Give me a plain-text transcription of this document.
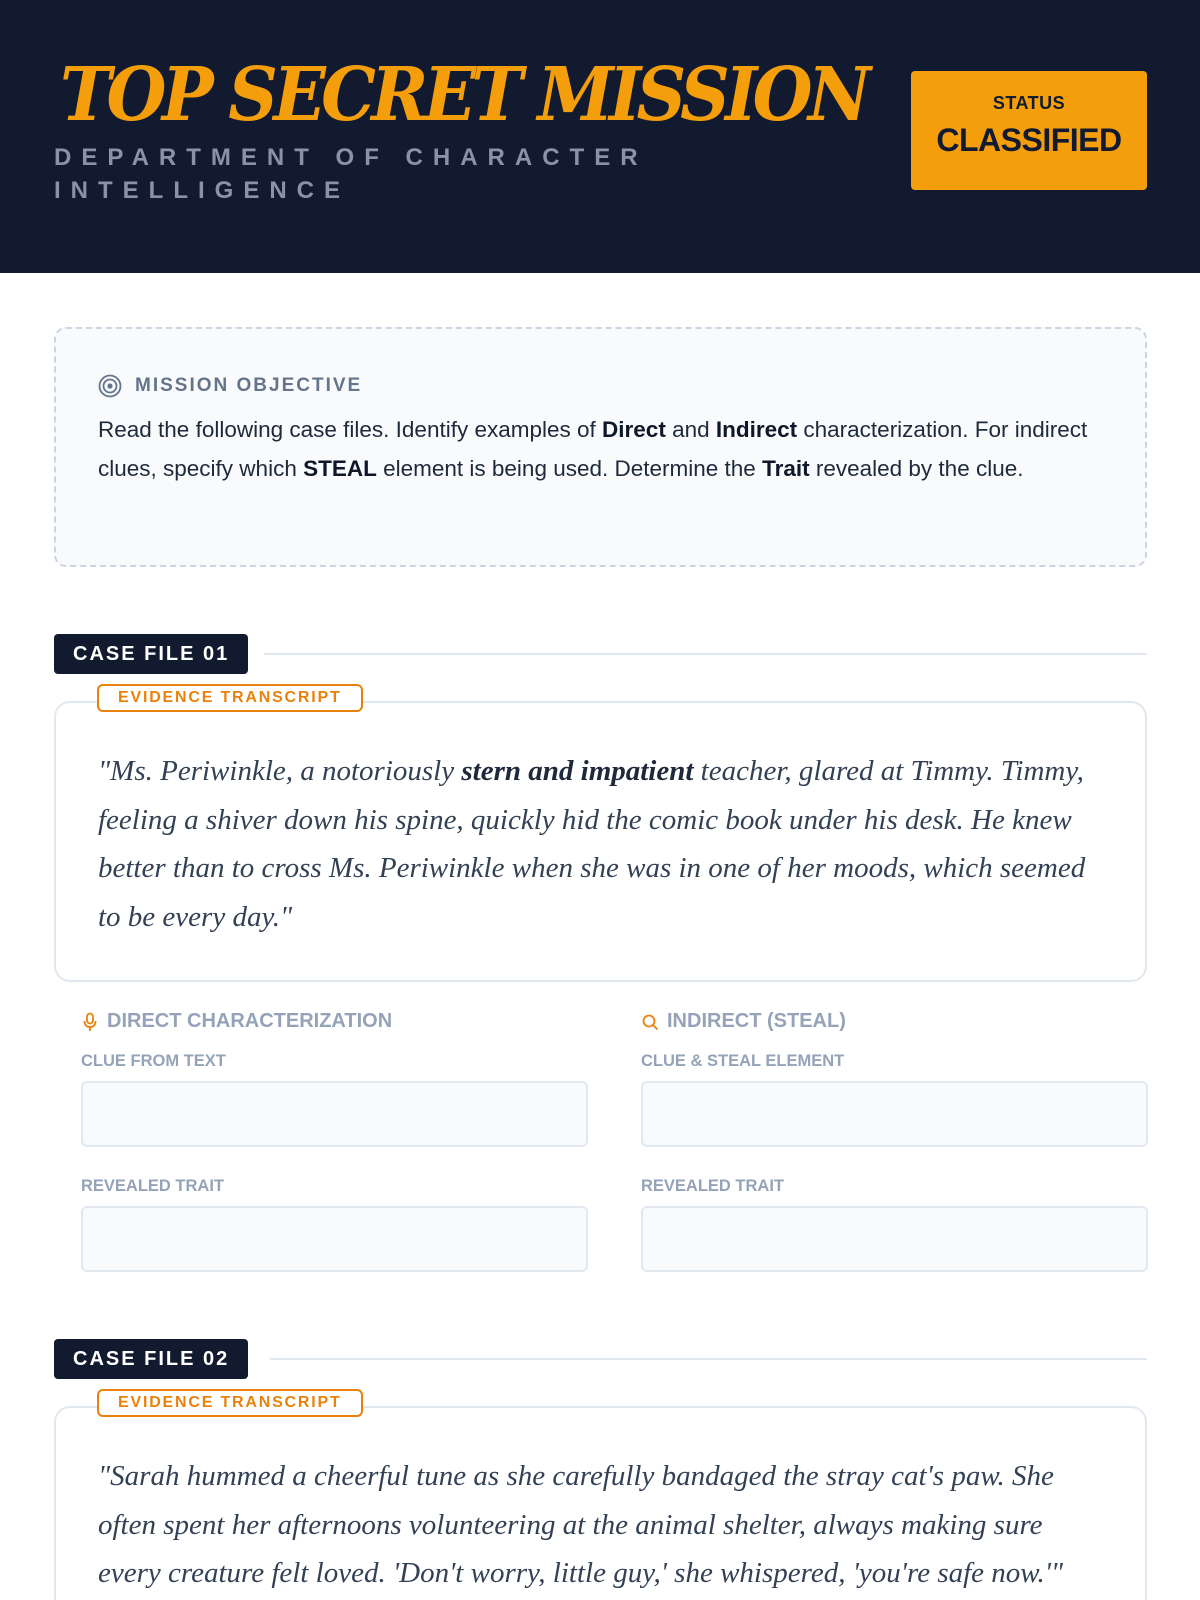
TOP SECRET MISSION
DEPARTMENT OF CHARACTER INTELLIGENCE
STATUS
CLASSIFIED
MISSION OBJECTIVE
Read the following case files. Identify examples of Direct and Indirect characterization. For indirect clues, specify which STEAL element is being used. Determine the Trait revealed by the clue.
CASE FILE 01
EVIDENCE TRANSCRIPT
"Ms. Periwinkle, a notoriously stern and impatient teacher, glared at Timmy. Timmy, feeling a shiver down his spine, quickly hid the comic book under his desk. He knew better than to cross Ms. Periwinkle when she was in one of her moods, which seemed to be every day."
DIRECT CHARACTERIZATION
CLUE FROM TEXT
REVEALED TRAIT
INDIRECT (STEAL)
CLUE & STEAL ELEMENT
REVEALED TRAIT
CASE FILE 02
EVIDENCE TRANSCRIPT
"Sarah hummed a cheerful tune as she carefully bandaged the stray cat's paw. She often spent her afternoons volunteering at the animal shelter, always making sure every creature felt loved. 'Don't worry, little guy,' she whispered, 'you're safe now.'"
